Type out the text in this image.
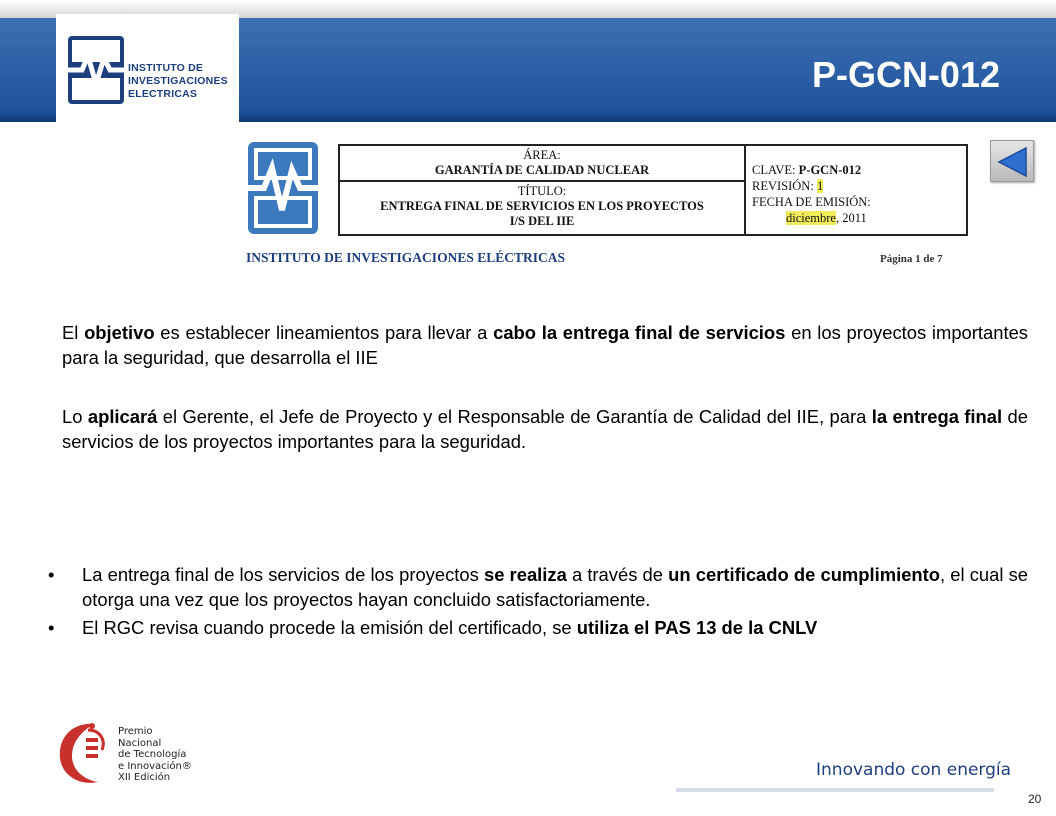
INSTITUTO DE
INVESTIGACIONES
ELECTRICAS	P-GCN-012
ÁREA:
GARANTÍA DE CALIDAD NUCLEAR
TÍTULO:
ENTREGA FINAL DE SERVICIOS EN LOS PROYECTOS
I/S DEL IIE
CLAVE: P-GCN-012
REVISIÓN: 1
FECHA DE EMISIÓN:
diciembre, 2011
INSTITUTO DE INVESTIGACIONES ELÉCTRICAS	Página 1 de 7
El objetivo es establecer lineamientos para llevar a cabo la entrega final de servicios en los proyectos importantes para la seguridad, que desarrolla el IIE
Lo aplicará el Gerente, el Jefe de Proyecto y el Responsable de Garantía de Calidad del IIE, para la entrega final de servicios de los proyectos importantes para la seguridad.
• La entrega final de los servicios de los proyectos se realiza a través de un certificado de cumplimiento, el cual se otorga una vez que los proyectos hayan concluido satisfactoriamente.
• El RGC revisa cuando procede la emisión del certificado, se utiliza el PAS 13 de la CNLV
Premio
Nacional
de Tecnología
e Innovación®
XII Edición	Innovando con energía
20
